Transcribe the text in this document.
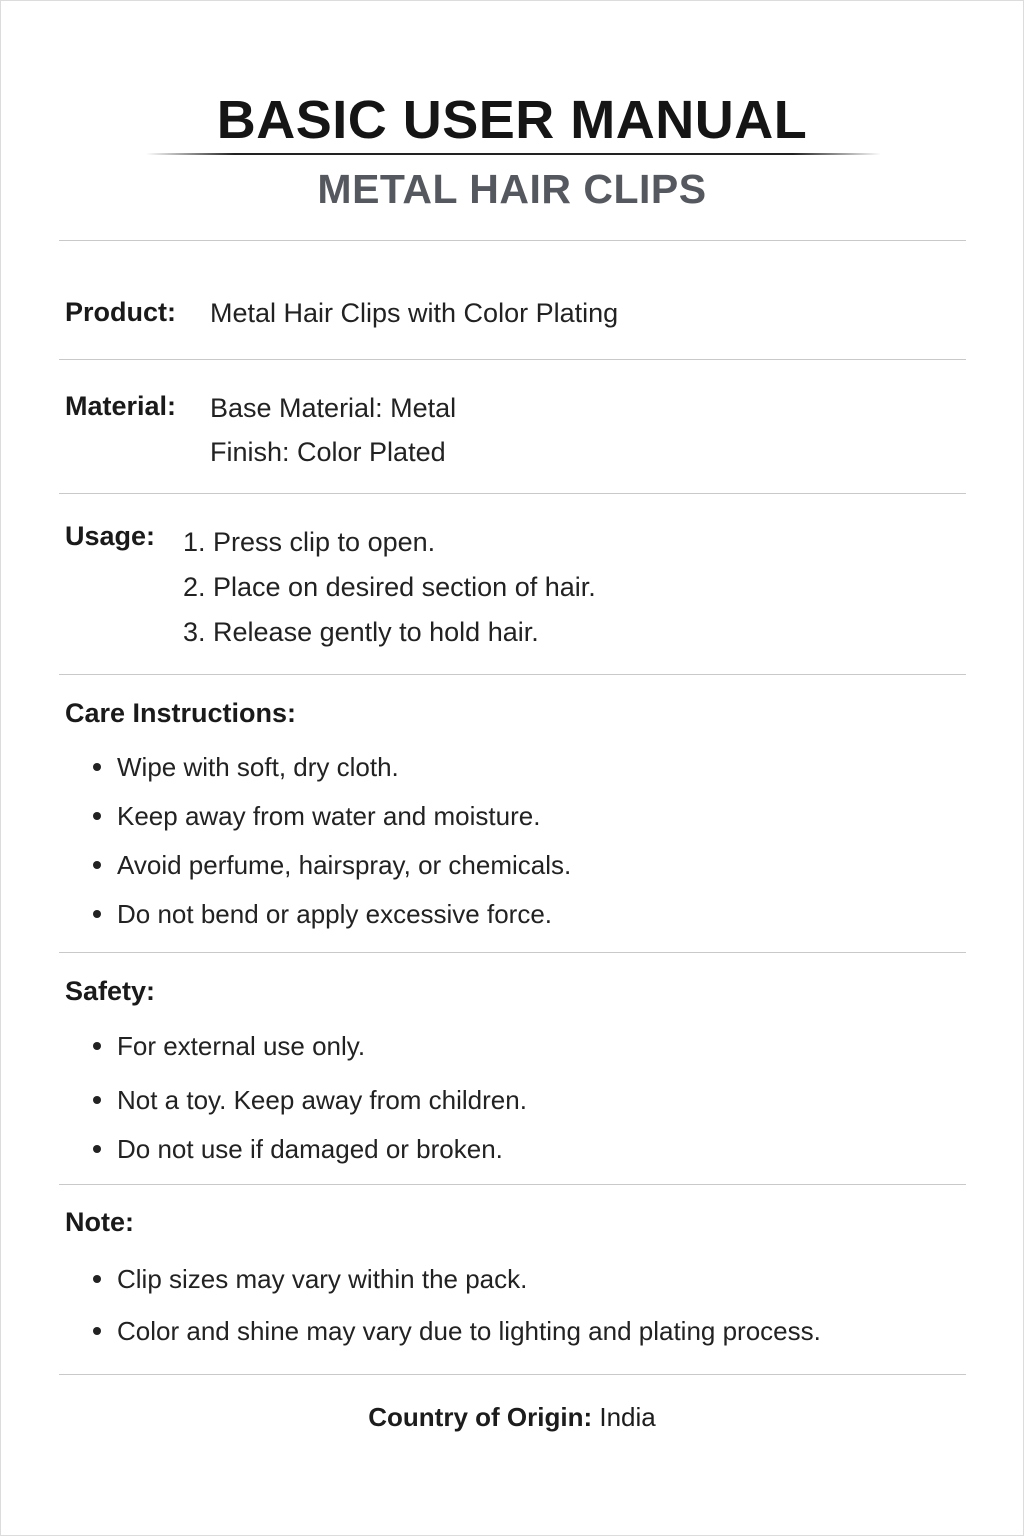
BASIC USER MANUAL
METAL HAIR CLIPS
Product: Metal Hair Clips with Color Plating
Material: Base Material: Metal
Finish: Color Plated
Usage: 1. Press clip to open.
2. Place on desired section of hair.
3. Release gently to hold hair.
Care Instructions:
Wipe with soft, dry cloth.
Keep away from water and moisture.
Avoid perfume, hairspray, or chemicals.
Do not bend or apply excessive force.
Safety:
For external use only.
Not a toy. Keep away from children.
Do not use if damaged or broken.
Note:
Clip sizes may vary within the pack.
Color and shine may vary due to lighting and plating process.
Country of Origin: India
